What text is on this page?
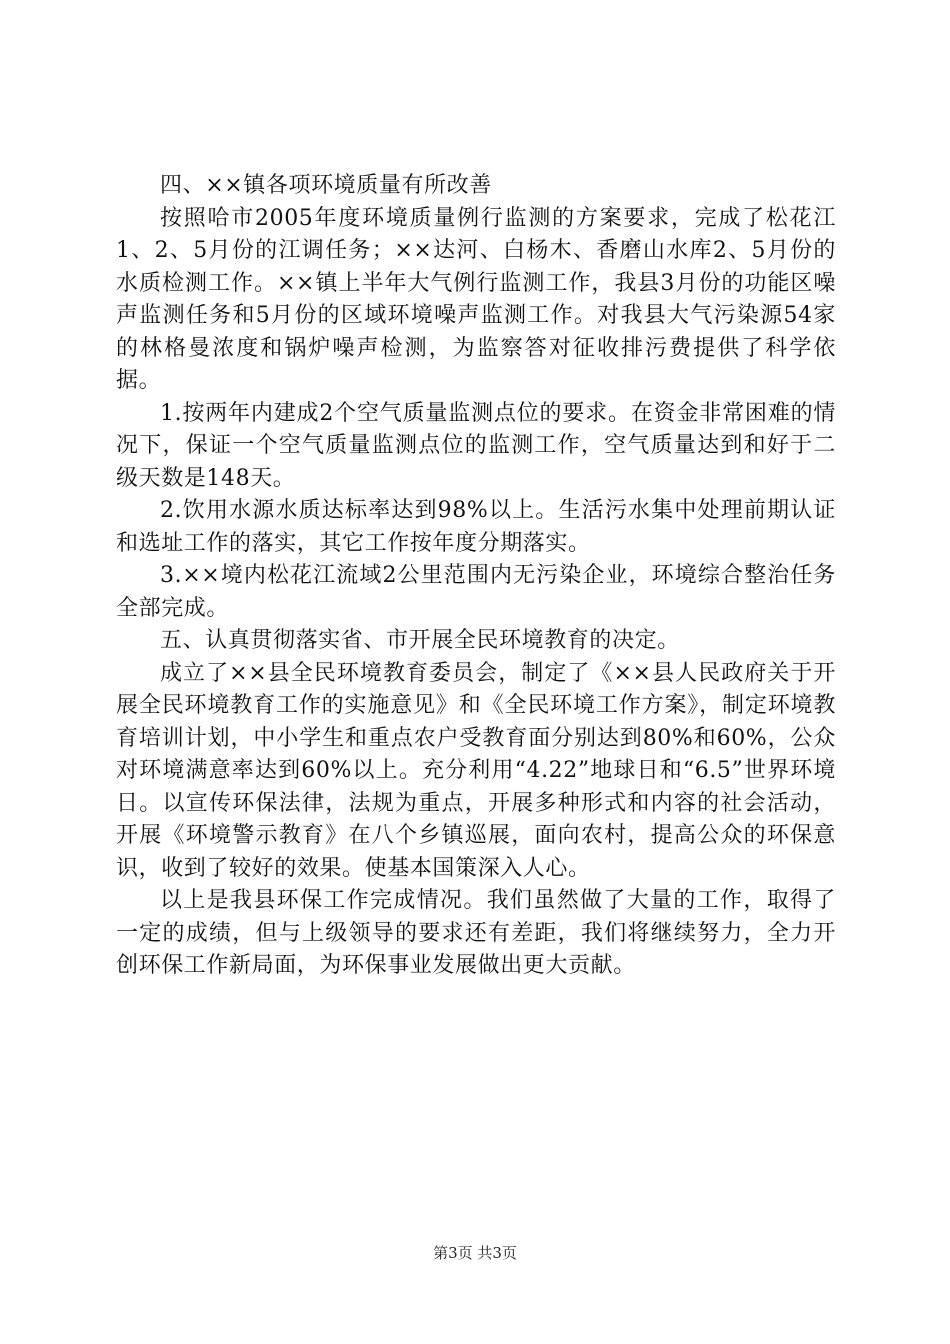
四、××镇各项环境质量有所改善

按照哈市2005年度环境质量例行监测的方案要求，完成了松花江1、2、5月份的江调任务；××达河、白杨木、香磨山水库2、5月份的水质检测工作。××镇上半年大气例行监测工作，我县3月份的功能区噪声监测任务和5月份的区域环境噪声监测工作。对我县大气污染源54家的林格曼浓度和锅炉噪声检测，为监察答对征收排污费提供了科学依据。

1.按两年内建成2个空气质量监测点位的要求。在资金非常困难的情况下，保证一个空气质量监测点位的监测工作，空气质量达到和好于二级天数是148天。

2.饮用水源水质达标率达到98%以上。生活污水集中处理前期认证和选址工作的落实，其它工作按年度分期落实。

3.××境内松花江流域2公里范围内无污染企业，环境综合整治任务全部完成。

五、认真贯彻落实省、市开展全民环境教育的决定。

成立了××县全民环境教育委员会，制定了《××县人民政府关于开展全民环境教育工作的实施意见》和《全民环境工作方案》，制定环境教育培训计划，中小学生和重点农户受教育面分别达到80%和60%，公众对环境满意率达到60%以上。充分利用“4.22”地球日和“6.5”世界环境日。以宣传环保法律，法规为重点，开展多种形式和内容的社会活动，开展《环境警示教育》在八个乡镇巡展，面向农村，提高公众的环保意识，收到了较好的效果。使基本国策深入人心。

以上是我县环保工作完成情况。我们虽然做了大量的工作，取得了一定的成绩，但与上级领导的要求还有差距，我们将继续努力，全力开创环保工作新局面，为环保事业发展做出更大贡献。

第3页 共3页
